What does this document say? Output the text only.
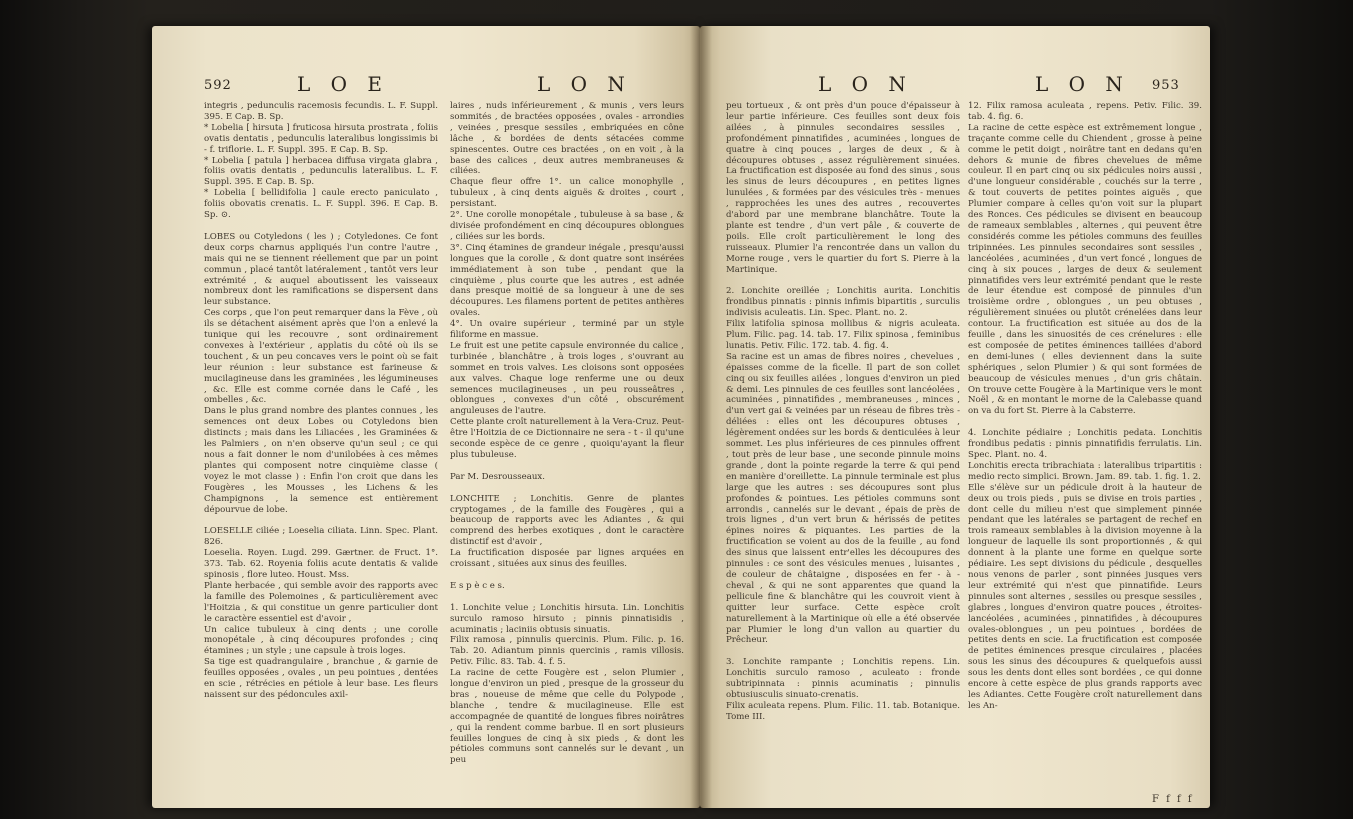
592	L O E	L O N
integris , pedunculis racemosis fecundis. L. F. Suppl. 395. E Cap. B. Sp.
* Lobelia [ hirsuta ] fruticosa hirsuta prostrata , foliis ovatis dentatis , pedunculis lateralibus longissimis bi - f. triflorie. L. F. Suppl. 395. E Cap. B. Sp.
* Lobelia [ patula ] herbacea diffusa virgata glabra , foliis ovatis dentatis , pedunculis lateralibus. L. F. Suppl. 395. E Cap. B. Sp.
* Lobelia [ bellidifolia ] caule erecto paniculato , foliis obovatis crenatis. L. F. Suppl. 396. E Cap. B. Sp. ⊙.

LOBES ou Cotyledons ( les ) ; Cotyledones. Ce font deux corps charnus appliqués l'un contre l'autre , mais qui ne se tiennent réellement que par un point commun , placé tantôt latéralement , tantôt vers leur extrémité , & auquel aboutissent les vaisseaux nombreux dont les ramifications se dispersent dans leur substance.
Ces corps , que l'on peut remarquer dans la Fève , où ils se détachent aisément après que l'on a enlevé la tunique qui les recouvre , sont ordinairement convexes à l'extérieur , applatis du côté où ils se touchent , & un peu concaves vers le point où se fait leur réunion : leur substance est farineuse & mucilagineuse dans les graminées , les légumineuses , &c. Elle est comme cornée dans le Café , les ombelles , &c.
Dans le plus grand nombre des plantes connues , les semences ont deux Lobes ou Cotyledons bien distincts ; mais dans les Liliacées , les Graminées & les Palmiers , on n'en observe qu'un seul ; ce qui nous a fait donner le nom d'unilobées à ces mêmes plantes qui composent notre cinquième classe ( voyez le mot classe ) : Enfin l'on croit que dans les Fougères , les Mousses , les Lichens & les Champignons , la semence est entièrement dépourvue de lobe.

LOESELLE ciliée ; Loeselia ciliata. Linn. Spec. Plant. 826.
Loeselia. Royen. Lugd. 299. Gærtner. de Fruct. 1°. 373. Tab. 62. Royenia foliis acute dentatis & valide spinosis , flore luteo. Houst. Mss.
Plante herbacée , qui semble avoir des rapports avec la famille des Polemoines , & particulièrement avec l'Hoitzia , & qui constitue un genre particulier dont le caractère essentiel est d'avoir ,
Un calice tubuleux à cinq dents ; une corolle monopétale , à cinq découpures profondes ; cinq étamines ; un style ; une capsule à trois loges.
Sa tige est quadrangulaire , branchue , & garnie de feuilles opposées , ovales , un peu pointues , dentées en scie , rétrécies en pétiole à leur base. Les fleurs naissent sur des pédoncules axil-
laires , nuds inférieurement , & munis , vers leurs sommités , de bractées opposées , ovales - arrondies , veinées , presque sessiles , embriquées en cône lâche , & bordées de dents sétacées comme spinescentes. Outre ces bractées , on en voit , à la base des calices , deux autres membraneuses & ciliées.
Chaque fleur offre 1°. un calice monophylle , tubuleux , à cinq dents aiguës & droites , court , persistant.
2°. Une corolle monopétale , tubuleuse à sa base , & divisée profondément en cinq découpures oblongues , ciliées sur les bords.
3°. Cinq étamines de grandeur inégale , presqu'aussi longues que la corolle , & dont quatre sont insérées immédiatement à son tube , pendant que la cinquième , plus courte que les autres , est adnée dans presque moitié de sa longueur à une de ses découpures. Les filamens portent de petites anthères ovales.
4°. Un ovaire supérieur , terminé par un style filiforme en massue.
Le fruit est une petite capsule environnée du calice , turbinée , blanchâtre , à trois loges , s'ouvrant au sommet en trois valves. Les cloisons sont opposées aux valves. Chaque loge renferme une ou deux semences mucilagineuses , un peu rousseâtres , oblongues , convexes d'un côté , obscurément anguleuses de l'autre.
Cette plante croît naturellement à la Vera-Cruz. Peut-être l'Hoitzia de ce Dictionnaire ne sera - t - il qu'une seconde espèce de ce genre , quoiqu'ayant la fleur plus tubuleuse.

Par M. Desrousseaux.

LONCHITE ; Lonchitis. Genre de plantes cryptogames , de la famille des Fougères , qui a beaucoup de rapports avec les Adiantes , & qui comprend des herbes exotiques , dont le caractère distinctif est d'avoir ,
La fructification disposée par lignes arquées en croissant , situées aux sinus des feuilles.

E s p è c e s.

1. Lonchite velue ; Lonchitis hirsuta. Lin. Lonchitis surculo ramoso hirsuto ; pinnis pinnatisidis , acuminatis ; laciniis obtusis sinuatis.
Filix ramosa , pinnulis quercinis. Plum. Filic. p. 16. Tab. 20. Adiantum pinnis quercinis , ramis villosis. Petiv. Filic. 83. Tab. 4. f. 5.
La racine de cette Fougère est , selon Plumier , longue d'environ un pied , presque de la grosseur du bras , noueuse de même que celle du Polypode , blanche , tendre & mucilagineuse. Elle est accompagnée de quantité de longues fibres noirâtres , qui la rendent comme barbue. Il en sort plusieurs feuilles longues de cinq à six pieds , & dont les pétioles communs sont cannelés sur le devant , un peu
L O N	L O N 953
peu tortueux , & ont près d'un pouce d'épaisseur à leur partie inférieure. Ces feuilles sont deux fois ailées , à pinnules secondaires sessiles , profondément pinnatifides , acuminées , longues de quatre à cinq pouces , larges de deux , & à découpures obtuses , assez régulièrement sinuées. La fructification est disposée au fond des sinus , sous les sinus de leurs découpures , en petites lignes lunulées , & formées par des vésicules très - menues , rapprochées les unes des autres , recouvertes d'abord par une membrane blanchâtre. Toute la plante est tendre , d'un vert pâle , & couverte de poils. Elle croît particulièrement le long des ruisseaux. Plumier l'a rencontrée dans un vallon du Morne rouge , vers le quartier du fort S. Pierre à la Martinique.

2. Lonchite oreillée ; Lonchitis aurita. Lonchitis frondibus pinnatis : pinnis infimis bipartitis , surculis indivisis aculeatis. Lin. Spec. Plant. no. 2.
Filix latifolia spinosa mollibus & nigris aculeata. Plum. Filic. pag. 14. tab. 17. Filix spinosa , feminibus lunatis. Petiv. Filic. 172. tab. 4. fig. 4.
Sa racine est un amas de fibres noires , chevelues , épaisses comme de la ficelle. Il part de son collet cinq ou six feuilles ailées , longues d'environ un pied & demi. Les pinnules de ces feuilles sont lancéolées , acuminées , pinnatifides , membraneuses , minces , d'un vert gai & veinées par un réseau de fibres très - déliées : elles ont les découpures obtuses , légèrement ondées sur les bords & denticulées à leur sommet. Les plus inférieures de ces pinnules offrent , tout près de leur base , une seconde pinnule moins grande , dont la pointe regarde la terre & qui pend en manière d'oreillette. La pinnule terminale est plus large que les autres : ses découpures sont plus profondes & pointues. Les pétioles communs sont arrondis , cannelés sur le devant , épais de près de trois lignes , d'un vert brun & hérissés de petites épines noires & piquantes. Les parties de la fructification se voient au dos de la feuille , au fond des sinus que laissent entr'elles les découpures des pinnules : ce sont des vésicules menues , luisantes , de couleur de châtaigne , disposées en fer - à - cheval , & qui ne sont apparentes que quand la pellicule fine & blanchâtre qui les couvroit vient à quitter leur surface. Cette espèce croît naturellement à la Martinique où elle a été observée par Plumier le long d'un vallon au quartier du Prêcheur.

3. Lonchite rampante ; Lonchitis repens. Lin. Lonchitis surculo ramoso , aculeato : fronde subtripinnata : pinnis acuminatis ; pinnulis obtusiusculis sinuato-crenatis.
Filix aculeata repens. Plum. Filic. 11. tab. Botanique. Tome III.
12. Filix ramosa aculeata , repens. Petiv. Filic. 39. tab. 4. fig. 6.
La racine de cette espèce est extrêmement longue , traçante comme celle du Chiendent , grosse à peine comme le petit doigt , noirâtre tant en dedans qu'en dehors & munie de fibres chevelues de même couleur. Il en part cinq ou six pédicules noirs aussi , d'une longueur considérable , couchés sur la terre , & tout couverts de petites pointes aiguës , que Plumier compare à celles qu'on voit sur la plupart des Ronces. Ces pédicules se divisent en beaucoup de rameaux semblables , alternes , qui peuvent être considérés comme les pétioles communs des feuilles tripinnées. Les pinnules secondaires sont sessiles , lancéolées , acuminées , d'un vert foncé , longues de cinq à six pouces , larges de deux & seulement pinnatifides vers leur extrémité pendant que le reste de leur étendue est composé de pinnules d'un troisième ordre , oblongues , un peu obtuses , régulièrement sinuées ou plutôt crénelées dans leur contour. La fructification est située au dos de la feuille , dans les sinuosités de ces crénelures : elle est composée de petites éminences taillées d'abord en demi-lunes ( elles deviennent dans la suite sphériques , selon Plumier ) & qui sont formées de beaucoup de vésicules menues , d'un gris châtain. On trouve cette Fougère à la Martinique vers le mont Noël , & en montant le morne de la Calebasse quand on va du fort St. Pierre à la Cabsterre.

4. Lonchite pédiaire ; Lonchitis pedata. Lonchitis frondibus pedatis : pinnis pinnatifidis ferrulatis. Lin. Spec. Plant. no. 4.
Lonchitis erecta tribrachiata : lateralibus tripartitis : medio recto simplici. Brown. Jam. 89. tab. 1. fig. 1. 2.
Elle s'élève sur un pédicule droit à la hauteur de deux ou trois pieds , puis se divise en trois parties , dont celle du milieu n'est que simplement pinnée pendant que les latérales se partagent de rechef en trois rameaux semblables à la division moyenne à la longueur de laquelle ils sont proportionnés , & qui donnent à la plante une forme en quelque sorte pédiaire. Les sept divisions du pédicule , desquelles nous venons de parler , sont pinnées jusques vers leur extrémité qui n'est que pinnatifide. Leurs pinnules sont alternes , sessiles ou presque sessiles , glabres , longues d'environ quatre pouces , étroites-lancéolées , acuminées , pinnatifides , à découpures ovales-oblongues , un peu pointues , bordées de petites dents en scie. La fructification est composée de petites éminences presque circulaires , placées sous les sinus des découpures & quelquefois aussi sous les dents dont elles sont bordées , ce qui donne encore à cette espèce de plus grands rapports avec les Adiantes. Cette Fougère croît naturellement dans les An-
F f f f
